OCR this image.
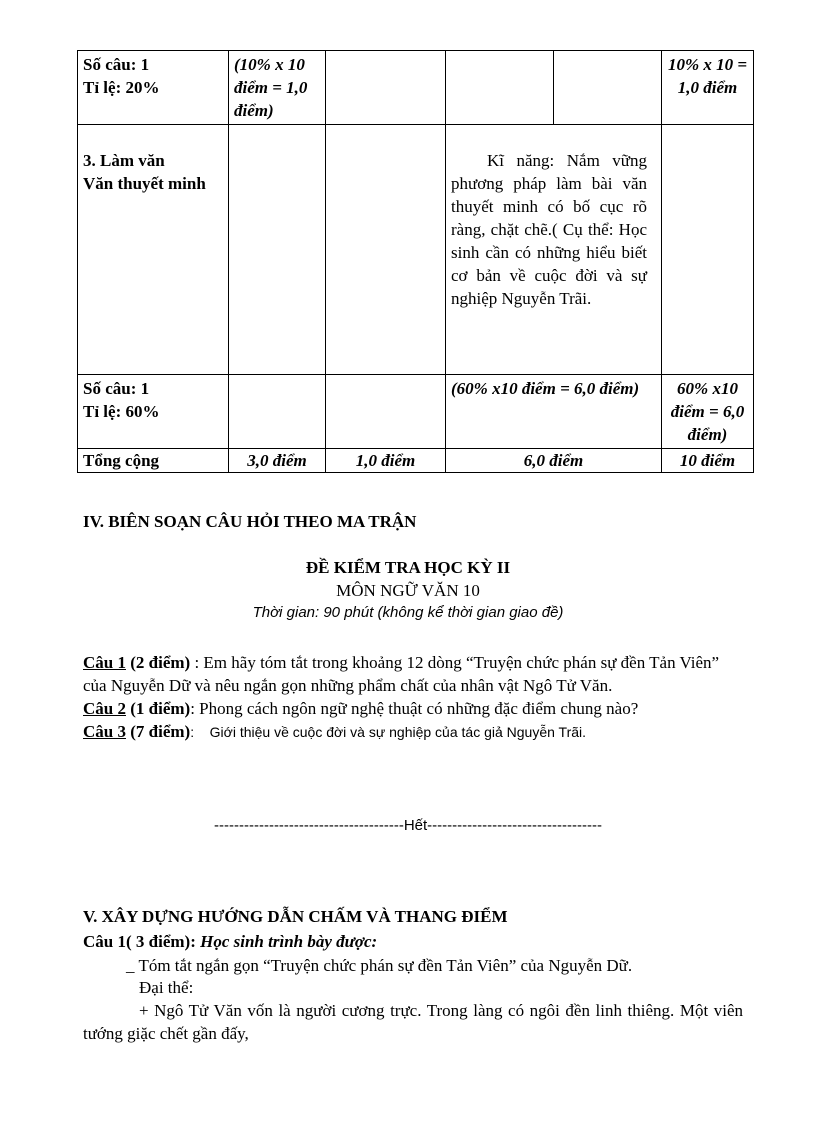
Số câu: 1
Tỉ lệ: 20%	(10% x 10 điểm = 1,0 điểm)				10% x 10 = 1,0 điểm
3. Làm văn
Văn thuyết minh			Kĩ năng: Nắm vững phương pháp làm bài văn thuyết minh có bố cục rõ ràng, chặt chẽ.( Cụ thể: Học sinh cần có những hiểu biết cơ bản về cuộc đời và sự nghiệp Nguyễn Trãi.		

Số câu: 1
Tỉ lệ: 60%			(60% x10 điểm = 6,0 điểm)		60% x10 điểm = 6,0 điểm)
Tổng cộng	3,0 điểm	1,0 điểm	6,0 điểm		10 điểm
IV. BIÊN SOẠN CÂU HỎI THEO MA TRẬN
ĐỀ KIỂM TRA HỌC KỲ II
MÔN NGỮ VĂN 10
Thời gian: 90 phút (không kể thời gian giao đề)
Câu 1 (2 điểm) : Em hãy tóm tắt trong khoảng 12 dòng “Truyện chức phán sự đền Tản Viên” của Nguyễn Dữ và nêu ngắn gọn những phẩm chất của nhân vật Ngô Tử Văn.
Câu 2 (1 điểm): Phong cách ngôn ngữ nghệ thuật có những đặc điểm chung nào?
Câu 3 (7 điểm):    Giới thiệu về cuộc đời và sự nghiệp của tác giả Nguyễn Trãi.
--------------------------------------Hết-----------------------------------
V. XÂY DỰNG HƯỚNG DẪN CHẤM VÀ THANG ĐIỂM
Câu 1( 3 điểm): Học sinh trình bày được:
_ Tóm tắt ngắn gọn “Truyện chức phán sự đền Tản Viên” của Nguyễn Dữ.
Đại thể:
+ Ngô Tử Văn vốn là người cương trực. Trong làng có ngôi đền linh thiêng. Một viên tướng giặc chết gần đấy,
